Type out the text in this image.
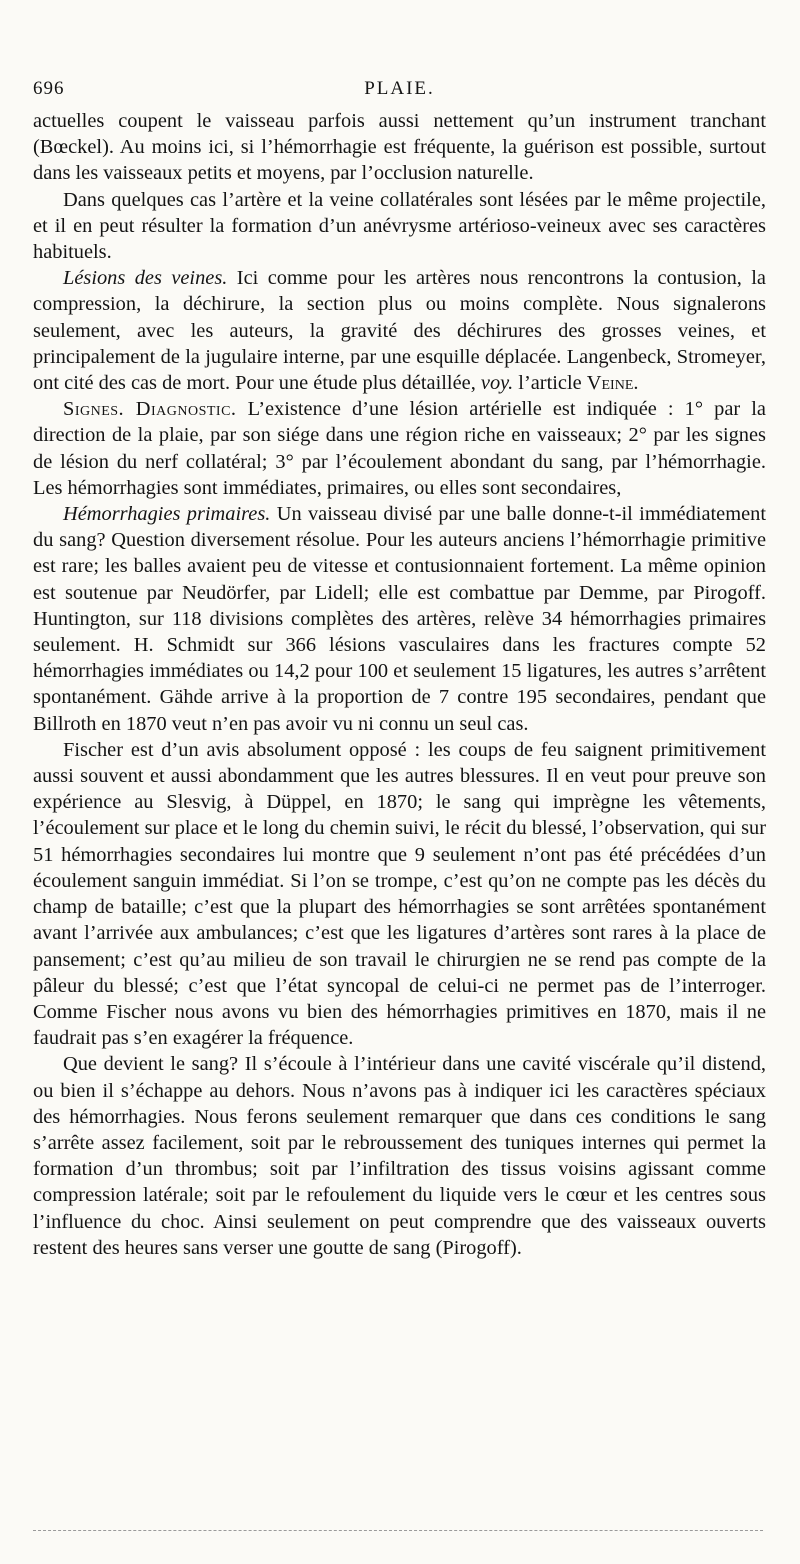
696	PLAIE.

actuelles coupent le vaisseau parfois aussi nettement qu’un instrument tranchant (Bœckel). Au moins ici, si l’hémorrhagie est fréquente, la guérison est possible, surtout dans les vaisseaux petits et moyens, par l’occlusion naturelle.

Dans quelques cas l’artère et la veine collatérales sont lésées par le même projectile, et il en peut résulter la formation d’un anévrysme artérioso-veineux avec ses caractères habituels.

Lésions des veines. Ici comme pour les artères nous rencontrons la contusion, la compression, la déchirure, la section plus ou moins complète. Nous signalerons seulement, avec les auteurs, la gravité des déchirures des grosses veines, et principalement de la jugulaire interne, par une esquille déplacée. Langenbeck, Stromeyer, ont cité des cas de mort. Pour une étude plus détaillée, voy. l’article Veine.

Signes. Diagnostic. L’existence d’une lésion artérielle est indiquée : 1° par la direction de la plaie, par son siége dans une région riche en vaisseaux; 2° par les signes de lésion du nerf collatéral; 3° par l’écoulement abondant du sang, par l’hémorrhagie. Les hémorrhagies sont immédiates, primaires, ou elles sont secondaires,

Hémorrhagies primaires. Un vaisseau divisé par une balle donne-t-il immédiatement du sang? Question diversement résolue. Pour les auteurs anciens l’hémorrhagie primitive est rare; les balles avaient peu de vitesse et contusionnaient fortement. La même opinion est soutenue par Neudörfer, par Lidell; elle est combattue par Demme, par Pirogoff. Huntington, sur 118 divisions complètes des artères, relève 34 hémorrhagies primaires seulement. H. Schmidt sur 366 lésions vasculaires dans les fractures compte 52 hémorrhagies immédiates ou 14,2 pour 100 et seulement 15 ligatures, les autres s’arrêtent spontanément. Gähde arrive à la proportion de 7 contre 195 secondaires, pendant que Billroth en 1870 veut n’en pas avoir vu ni connu un seul cas.

Fischer est d’un avis absolument opposé : les coups de feu saignent primitivement aussi souvent et aussi abondamment que les autres blessures. Il en veut pour preuve son expérience au Slesvig, à Düppel, en 1870; le sang qui imprègne les vêtements, l’écoulement sur place et le long du chemin suivi, le récit du blessé, l’observation, qui sur 51 hémorrhagies secondaires lui montre que 9 seulement n’ont pas été précédées d’un écoulement sanguin immédiat. Si l’on se trompe, c’est qu’on ne compte pas les décès du champ de bataille; c’est que la plupart des hémorrhagies se sont arrêtées spontanément avant l’arrivée aux ambulances; c’est que les ligatures d’artères sont rares à la place de pansement; c’est qu’au milieu de son travail le chirurgien ne se rend pas compte de la pâleur du blessé; c’est que l’état syncopal de celui-ci ne permet pas de l’interroger. Comme Fischer nous avons vu bien des hémorrhagies primitives en 1870, mais il ne faudrait pas s’en exagérer la fréquence.

Que devient le sang? Il s’écoule à l’intérieur dans une cavité viscérale qu’il distend, ou bien il s’échappe au dehors. Nous n’avons pas à indiquer ici les caractères spéciaux des hémorrhagies. Nous ferons seulement remarquer que dans ces conditions le sang s’arrête assez facilement, soit par le rebroussement des tuniques internes qui permet la formation d’un thrombus; soit par l’infiltration des tissus voisins agissant comme compression latérale; soit par le refoulement du liquide vers le cœur et les centres sous l’influence du choc. Ainsi seulement on peut comprendre que des vaisseaux ouverts restent des heures sans verser une goutte de sang (Pirogoff).
